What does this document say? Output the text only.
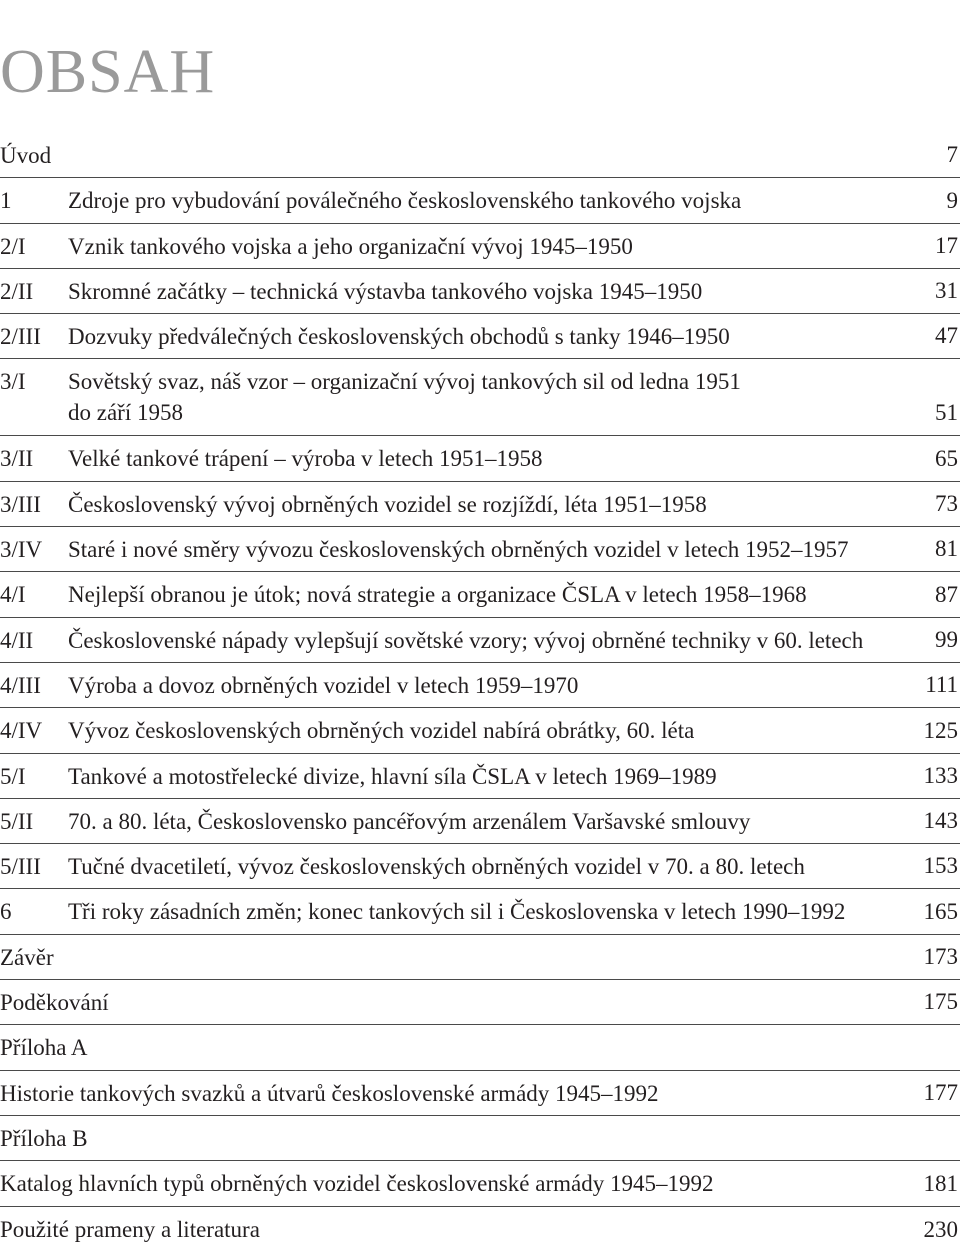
OBSAH
Úvod	7
1 Zdroje pro vybudování poválečného československého tankového vojska	9
2/I Vznik tankového vojska a jeho organizační vývoj 1945–1950	17
2/II Skromné začátky – technická výstavba tankového vojska 1945–1950	31
2/III Dozvuky předválečných československých obchodů s tanky 1946–1950	47
3/I Sovětský svaz, náš vzor – organizační vývoj tankových sil od ledna 1951
do září 1958	51
3/II Velké tankové trápení – výroba v letech 1951–1958	65
3/III Československý vývoj obrněných vozidel se rozjíždí, léta 1951–1958	73
3/IV Staré i nové směry vývozu československých obrněných vozidel v letech 1952–1957	81
4/I Nejlepší obranou je útok; nová strategie a organizace ČSLA v letech 1958–1968	87
4/II Československé nápady vylepšují sovětské vzory; vývoj obrněné techniky v 60. letech	99
4/III Výroba a dovoz obrněných vozidel v letech 1959–1970	111
4/IV Vývoz československých obrněných vozidel nabírá obrátky, 60. léta	125
5/I Tankové a motostřelecké divize, hlavní síla ČSLA v letech 1969–1989	133
5/II 70. a 80. léta, Československo pancéřovým arzenálem Varšavské smlouvy	143
5/III Tučné dvacetiletí, vývoz československých obrněných vozidel v 70. a 80. letech	153
6 Tři roky zásadních změn; konec tankových sil i Československa v letech 1990–1992	165
Závěr	173
Poděkování	175
Příloha A
Historie tankových svazků a útvarů československé armády 1945–1992	177
Příloha B
Katalog hlavních typů obrněných vozidel československé armády 1945–1992	181
Použité prameny a literatura	230
